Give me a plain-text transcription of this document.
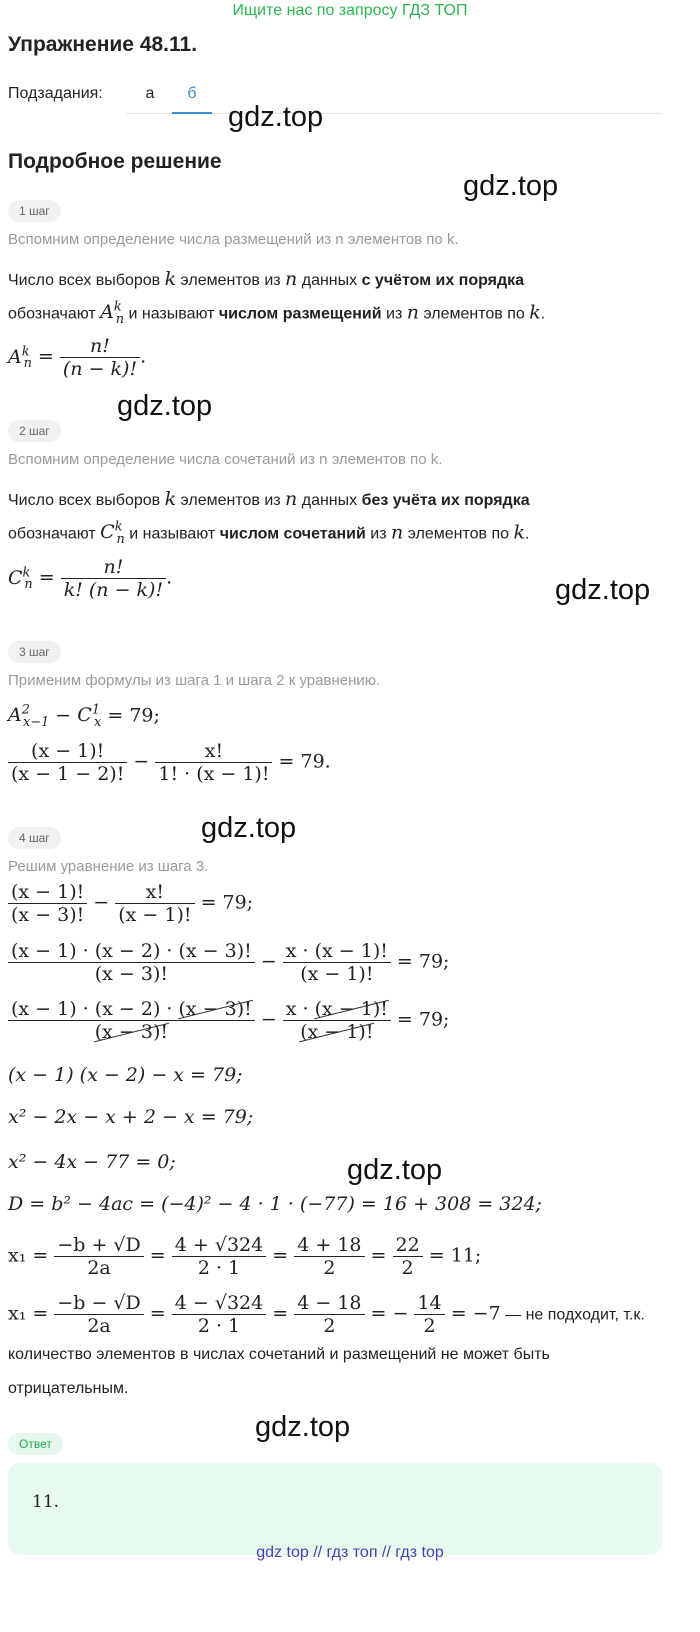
Ищите нас по запросу ГДЗ ТОП
Упражнение 48.11.
Подзадания:	а	б
Подробное решение
gdz.top
gdz.top
gdz.top
gdz.top
gdz.top
gdz.top
gdz.top
1 шаг
Вспомним определение числа размещений из n элементов по k.
Число всех выборов k элементов из n данных с учётом их порядка
обозначают $A^k_n$ и называют числом размещений из n элементов по k.
$A^k_n = \frac{n!}{(n - k)!}$ .
2 шаг
Вспомним определение числа сочетаний из n элементов по k.
Число всех выборов k элементов из n данных без учёта их порядка
обозначают $C^k_n$ и называют числом сочетаний из n элементов по k.
$C^k_n = \frac{n!}{k! (n - k)!}$ .
3 шаг
Применим формулы из шага 1 и шага 2 к уравнению.
$A^2_{x-1} - C^1_x = 79$;
$\frac{(x - 1)!}{(x - 1 - 2)!} - \frac{x!}{1! \cdot (x - 1)!} = 79$.
4 шаг
Решим уравнение из шага 3.
$\frac{(x - 1)!}{(x - 3)!} - \frac{x!}{(x - 1)!} = 79$;
$\frac{(x - 1) \cdot (x - 2) \cdot (x - 3)!}{(x - 3)!} - \frac{x \cdot (x - 1)!}{(x - 1)!} = 79$;
$\frac{(x - 1) \cdot (x - 2) \cdot (x - 3)!}{(x - 3)!} - \frac{x \cdot (x - 1)!}{(x - 1)!} = 79$;
(x − 1) (x − 2) − x = 79;
x² − 2x − x + 2 − x = 79;
x² − 4x − 77 = 0;
D = b² − 4ac = (−4)² − 4 · 1 · (−77) = 16 + 308 = 324;
$x_1 = \frac{-b + √D}{2a} = \frac{4 + √324}{2 \cdot 1} = \frac{4 + 18}{2} = \frac{22}{2} = 11$;
$x_1 = \frac{-b - √D}{2a} = \frac{4 - √324}{2 \cdot 1} = \frac{4 - 18}{2}$ = − $\frac{14}{2} = -7$ — не подходит, т.к.
количество элементов в числах сочетаний и размещений не может быть
отрицательным.
Ответ
11.
gdz top // гдз топ // гдз top
